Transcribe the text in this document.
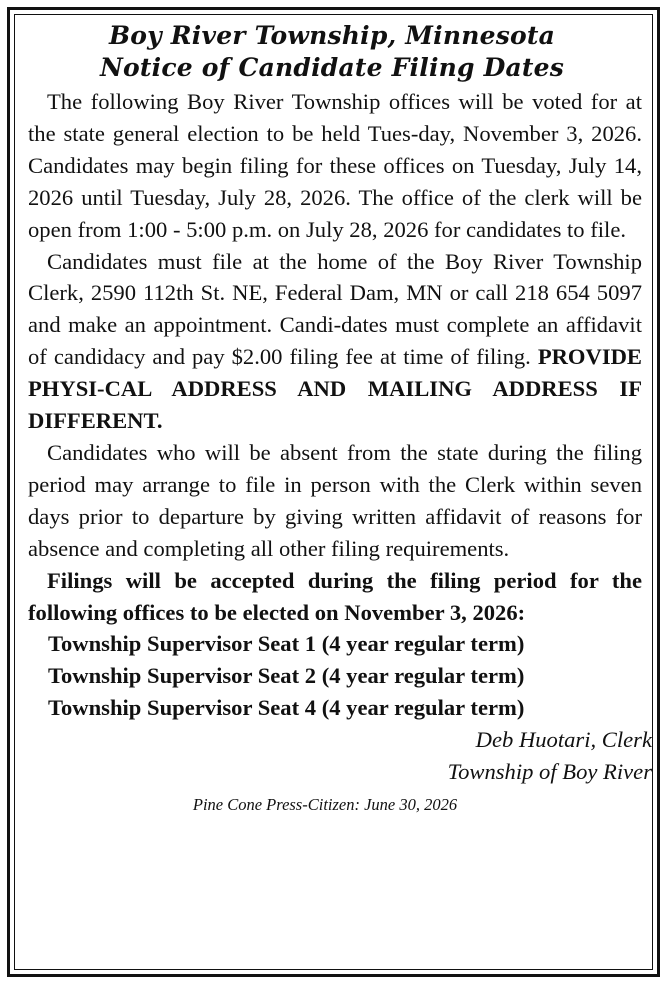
Boy River Township, Minnesota
Notice of Candidate Filing Dates

The following Boy River Township offices will be voted for at the state general election to be held Tues-day, November 3, 2026. Candidates may begin filing for these offices on Tuesday, July 14, 2026 until Tuesday, July 28, 2026. The office of the clerk will be open from 1:00 - 5:00 p.m. on July 28, 2026 for candidates to file.

Candidates must file at the home of the Boy River Township Clerk, 2590 112th St. NE, Federal Dam, MN or call 218 654 5097 and make an appointment. Candi-dates must complete an affidavit of candidacy and pay $2.00 filing fee at time of filing. PROVIDE PHYSI-CAL ADDRESS AND MAILING ADDRESS IF DIFFERENT.

Candidates who will be absent from the state during the filing period may arrange to file in person with the Clerk within seven days prior to departure by giving written affidavit of reasons for absence and completing all other filing requirements.

Filings will be accepted during the filing period for the following offices to be elected on November 3, 2026:

Township Supervisor Seat 1 (4 year regular term)
Township Supervisor Seat 2 (4 year regular term)
Township Supervisor Seat 4 (4 year regular term)
Deb Huotari, Clerk
Township of Boy River
Pine Cone Press-Citizen: June 30, 2026
